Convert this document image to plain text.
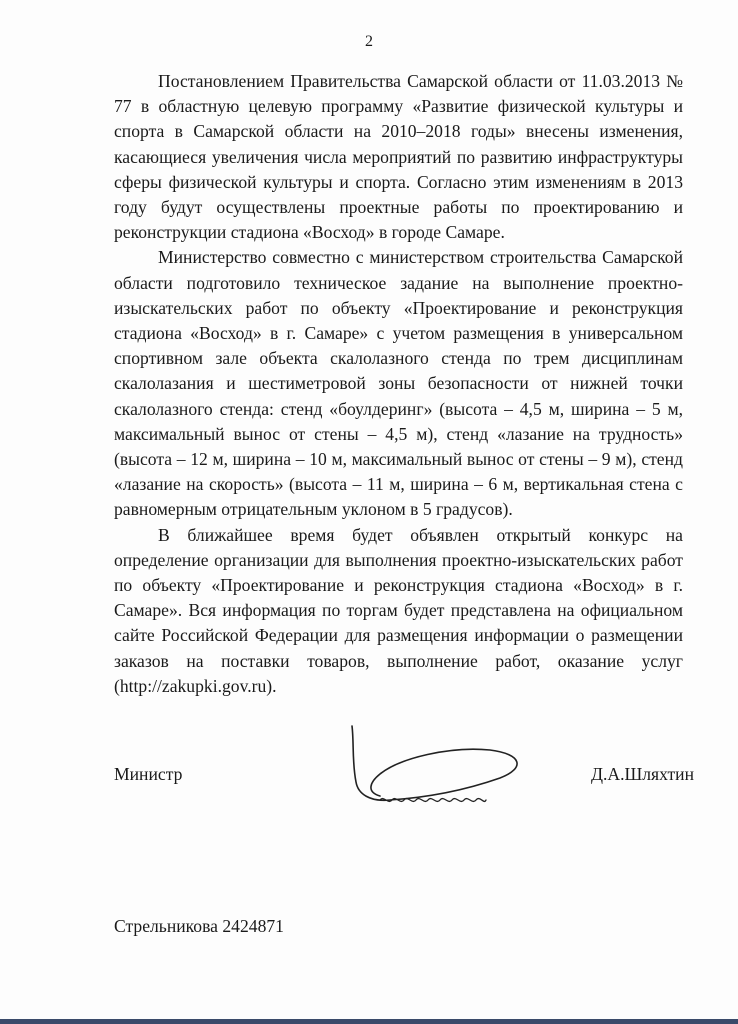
2

Постановлением Правительства Самарской области от 11.03.2013 № 77 в областную целевую программу «Развитие физической культуры и спорта в Самарской области на 2010–2018 годы» внесены изменения, касающиеся увеличения числа мероприятий по развитию инфраструктуры сферы физической культуры и спорта. Согласно этим изменениям в 2013 году будут осуществлены проектные работы по проектированию и реконструкции стадиона «Восход» в городе Самаре.

Министерство совместно с министерством строительства Самарской области подготовило техническое задание на выполнение проектно-изыскательских работ по объекту «Проектирование и реконструкция стадиона «Восход» в г. Самаре» с учетом размещения в универсальном спортивном зале объекта скалолазного стенда по трем дисциплинам скалолазания и шестиметровой зоны безопасности от нижней точки скалолазного стенда: стенд «боулдеринг» (высота – 4,5 м, ширина – 5 м, максимальный вынос от стены – 4,5 м), стенд «лазание на трудность» (высота – 12 м, ширина – 10 м, максимальный вынос от стены – 9 м), стенд «лазание на скорость» (высота – 11 м, ширина – 6 м, вертикальная стена с равномерным отрицательным уклоном в 5 градусов).

В ближайшее время будет объявлен открытый конкурс на определение организации для выполнения проектно-изыскательских работ по объекту «Проектирование и реконструкция стадиона «Восход» в г. Самаре». Вся информация по торгам будет представлена на официальном сайте Российской Федерации для размещения информации о размещении заказов на поставки товаров, выполнение работ, оказание услуг (http://zakupki.gov.ru).

Министр	Д.А.Шляхтин
Стрельникова 2424871
